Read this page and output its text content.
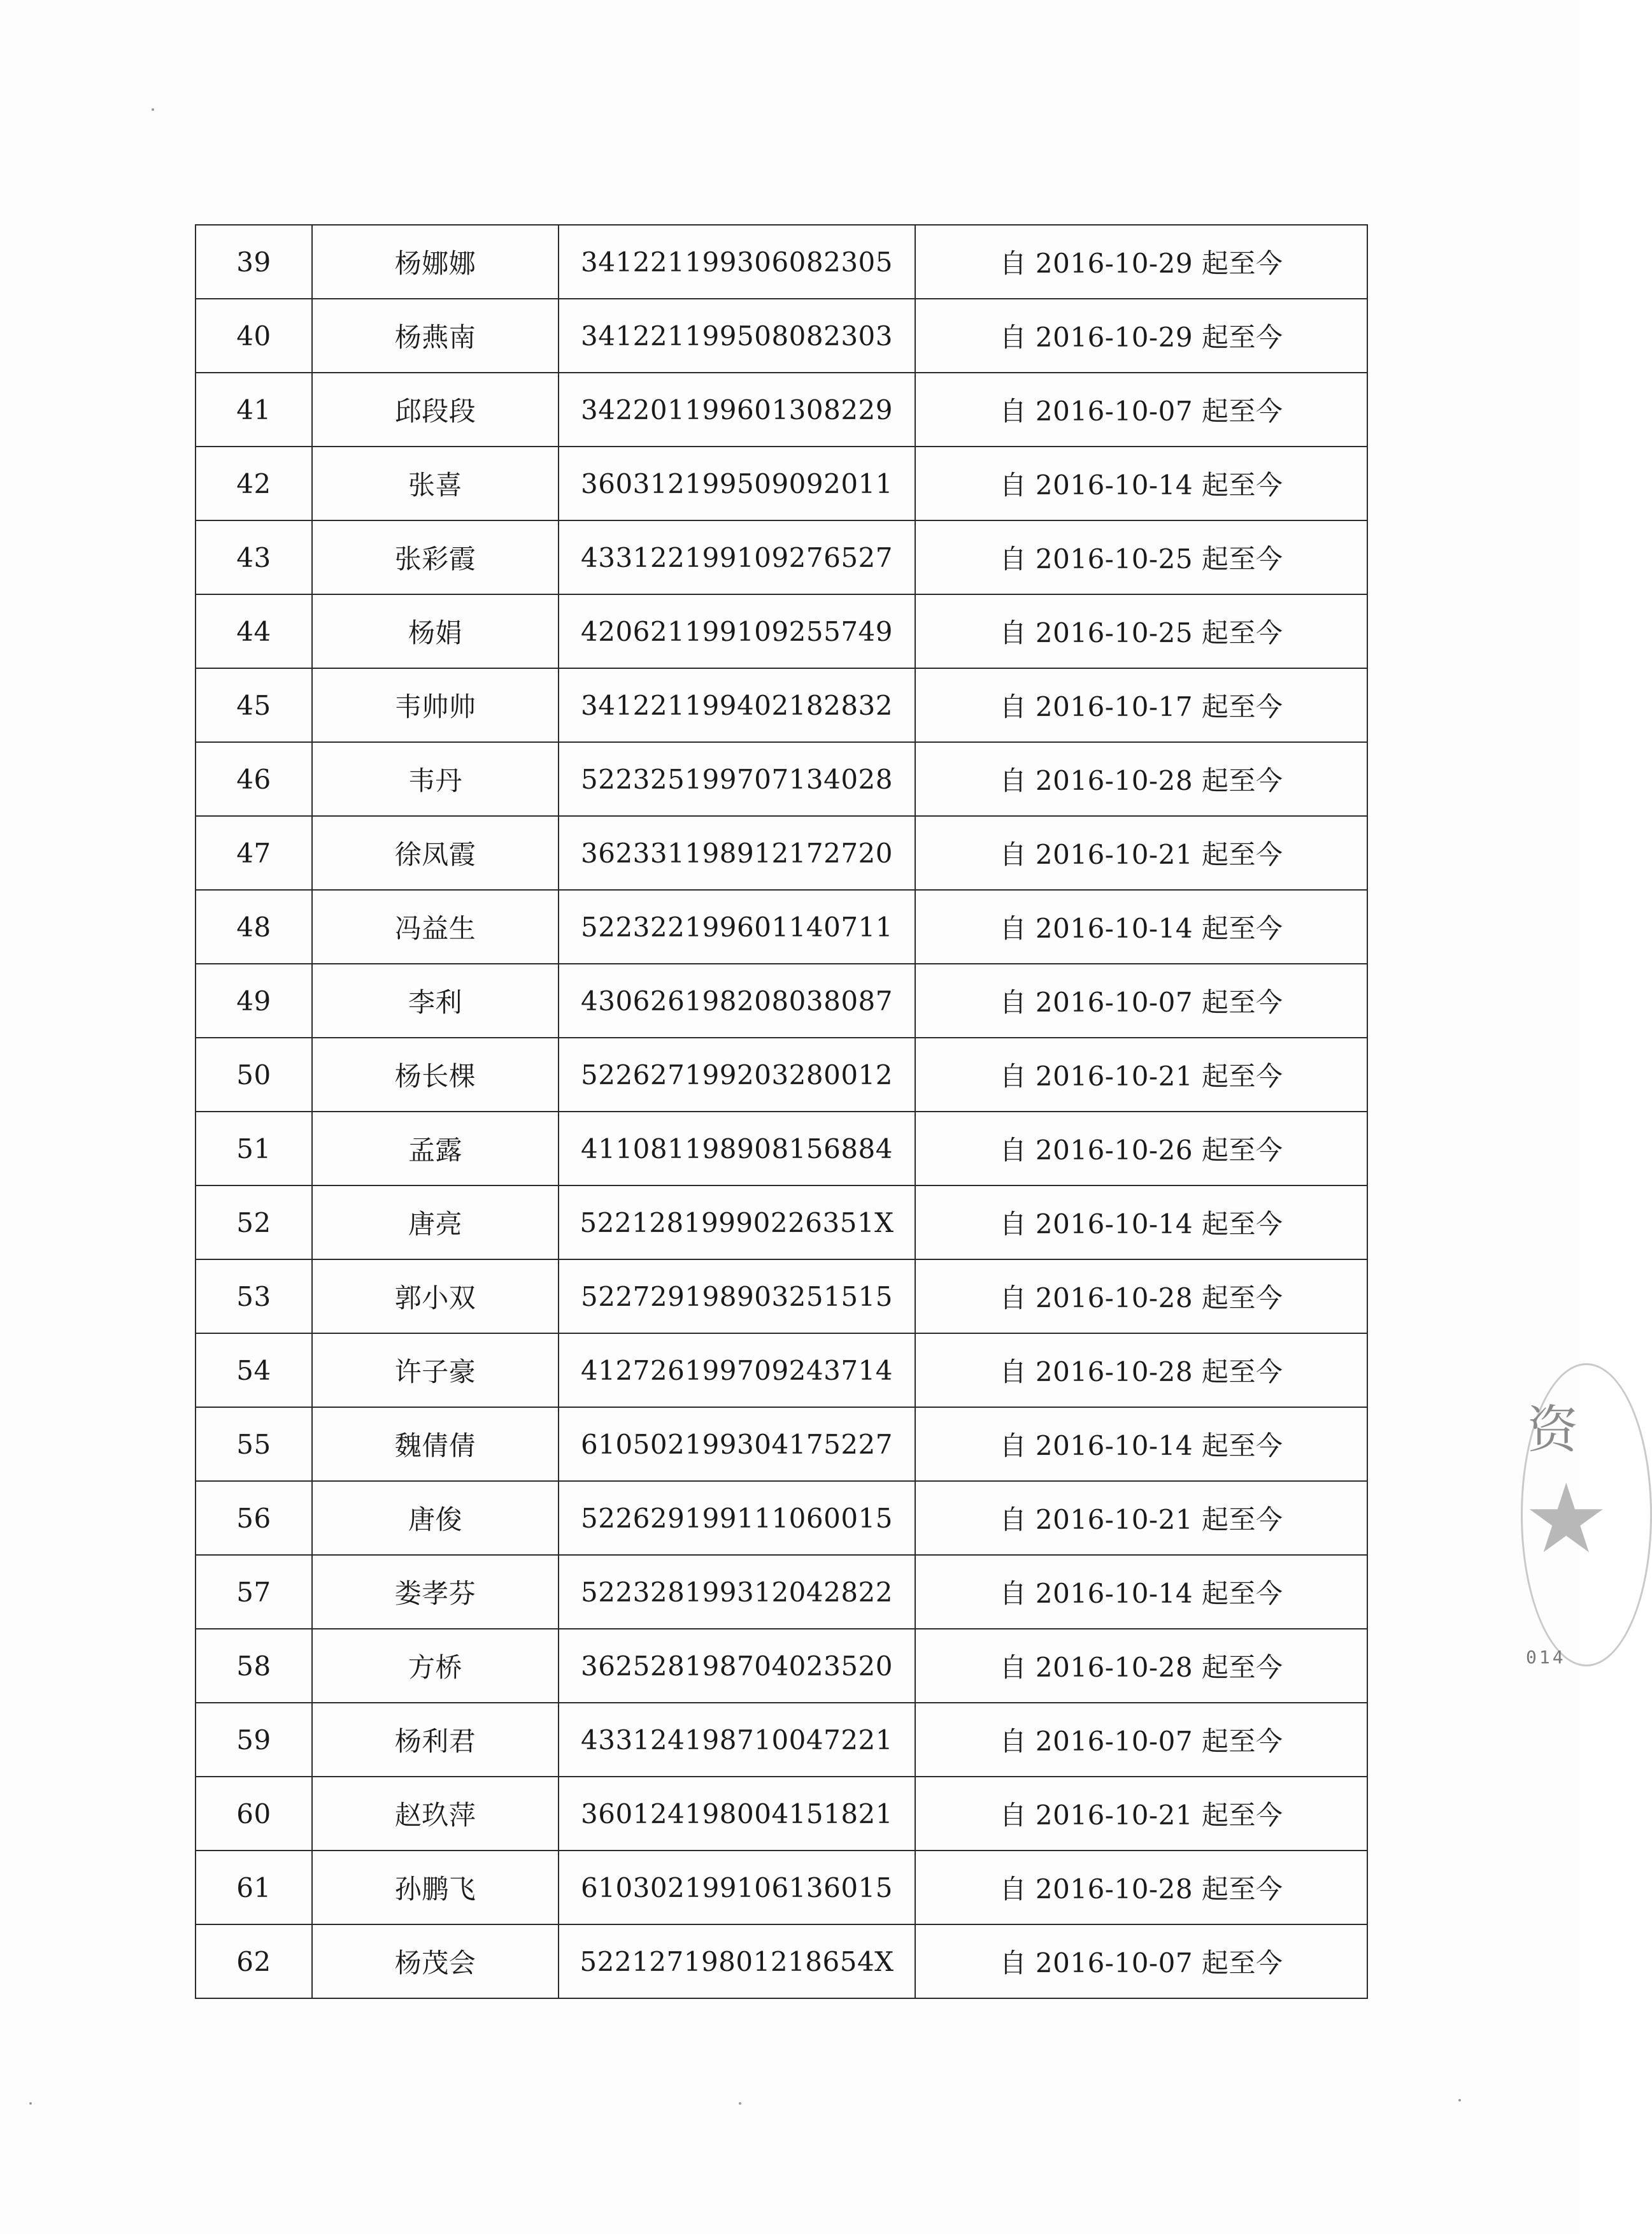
39	杨娜娜	341221199306082305	自 2016-10-29 起至今
40	杨燕南	341221199508082303	自 2016-10-29 起至今
41	邱段段	342201199601308229	自 2016-10-07 起至今
42	张喜	360312199509092011	自 2016-10-14 起至今
43	张彩霞	433122199109276527	自 2016-10-25 起至今
44	杨娟	420621199109255749	自 2016-10-25 起至今
45	韦帅帅	341221199402182832	自 2016-10-17 起至今
46	韦丹	522325199707134028	自 2016-10-28 起至今
47	徐凤霞	362331198912172720	自 2016-10-21 起至今
48	冯益生	522322199601140711	自 2016-10-14 起至今
49	李利	430626198208038087	自 2016-10-07 起至今
50	杨长棵	522627199203280012	自 2016-10-21 起至今
51	孟露	411081198908156884	自 2016-10-26 起至今
52	唐亮	52212819990226351X	自 2016-10-14 起至今
53	郭小双	522729198903251515	自 2016-10-28 起至今
54	许子豪	412726199709243714	自 2016-10-28 起至今
55	魏倩倩	610502199304175227	自 2016-10-14 起至今
56	唐俊	522629199111060015	自 2016-10-21 起至今
57	娄孝芬	522328199312042822	自 2016-10-14 起至今
58	方桥	362528198704023520	自 2016-10-28 起至今
59	杨利君	433124198710047221	自 2016-10-07 起至今
60	赵玖萍	360124198004151821	自 2016-10-21 起至今
61	孙鹏飞	610302199106136015	自 2016-10-28 起至今
62	杨茂会	52212719801218654X	自 2016-10-07 起至今
资
★
014
